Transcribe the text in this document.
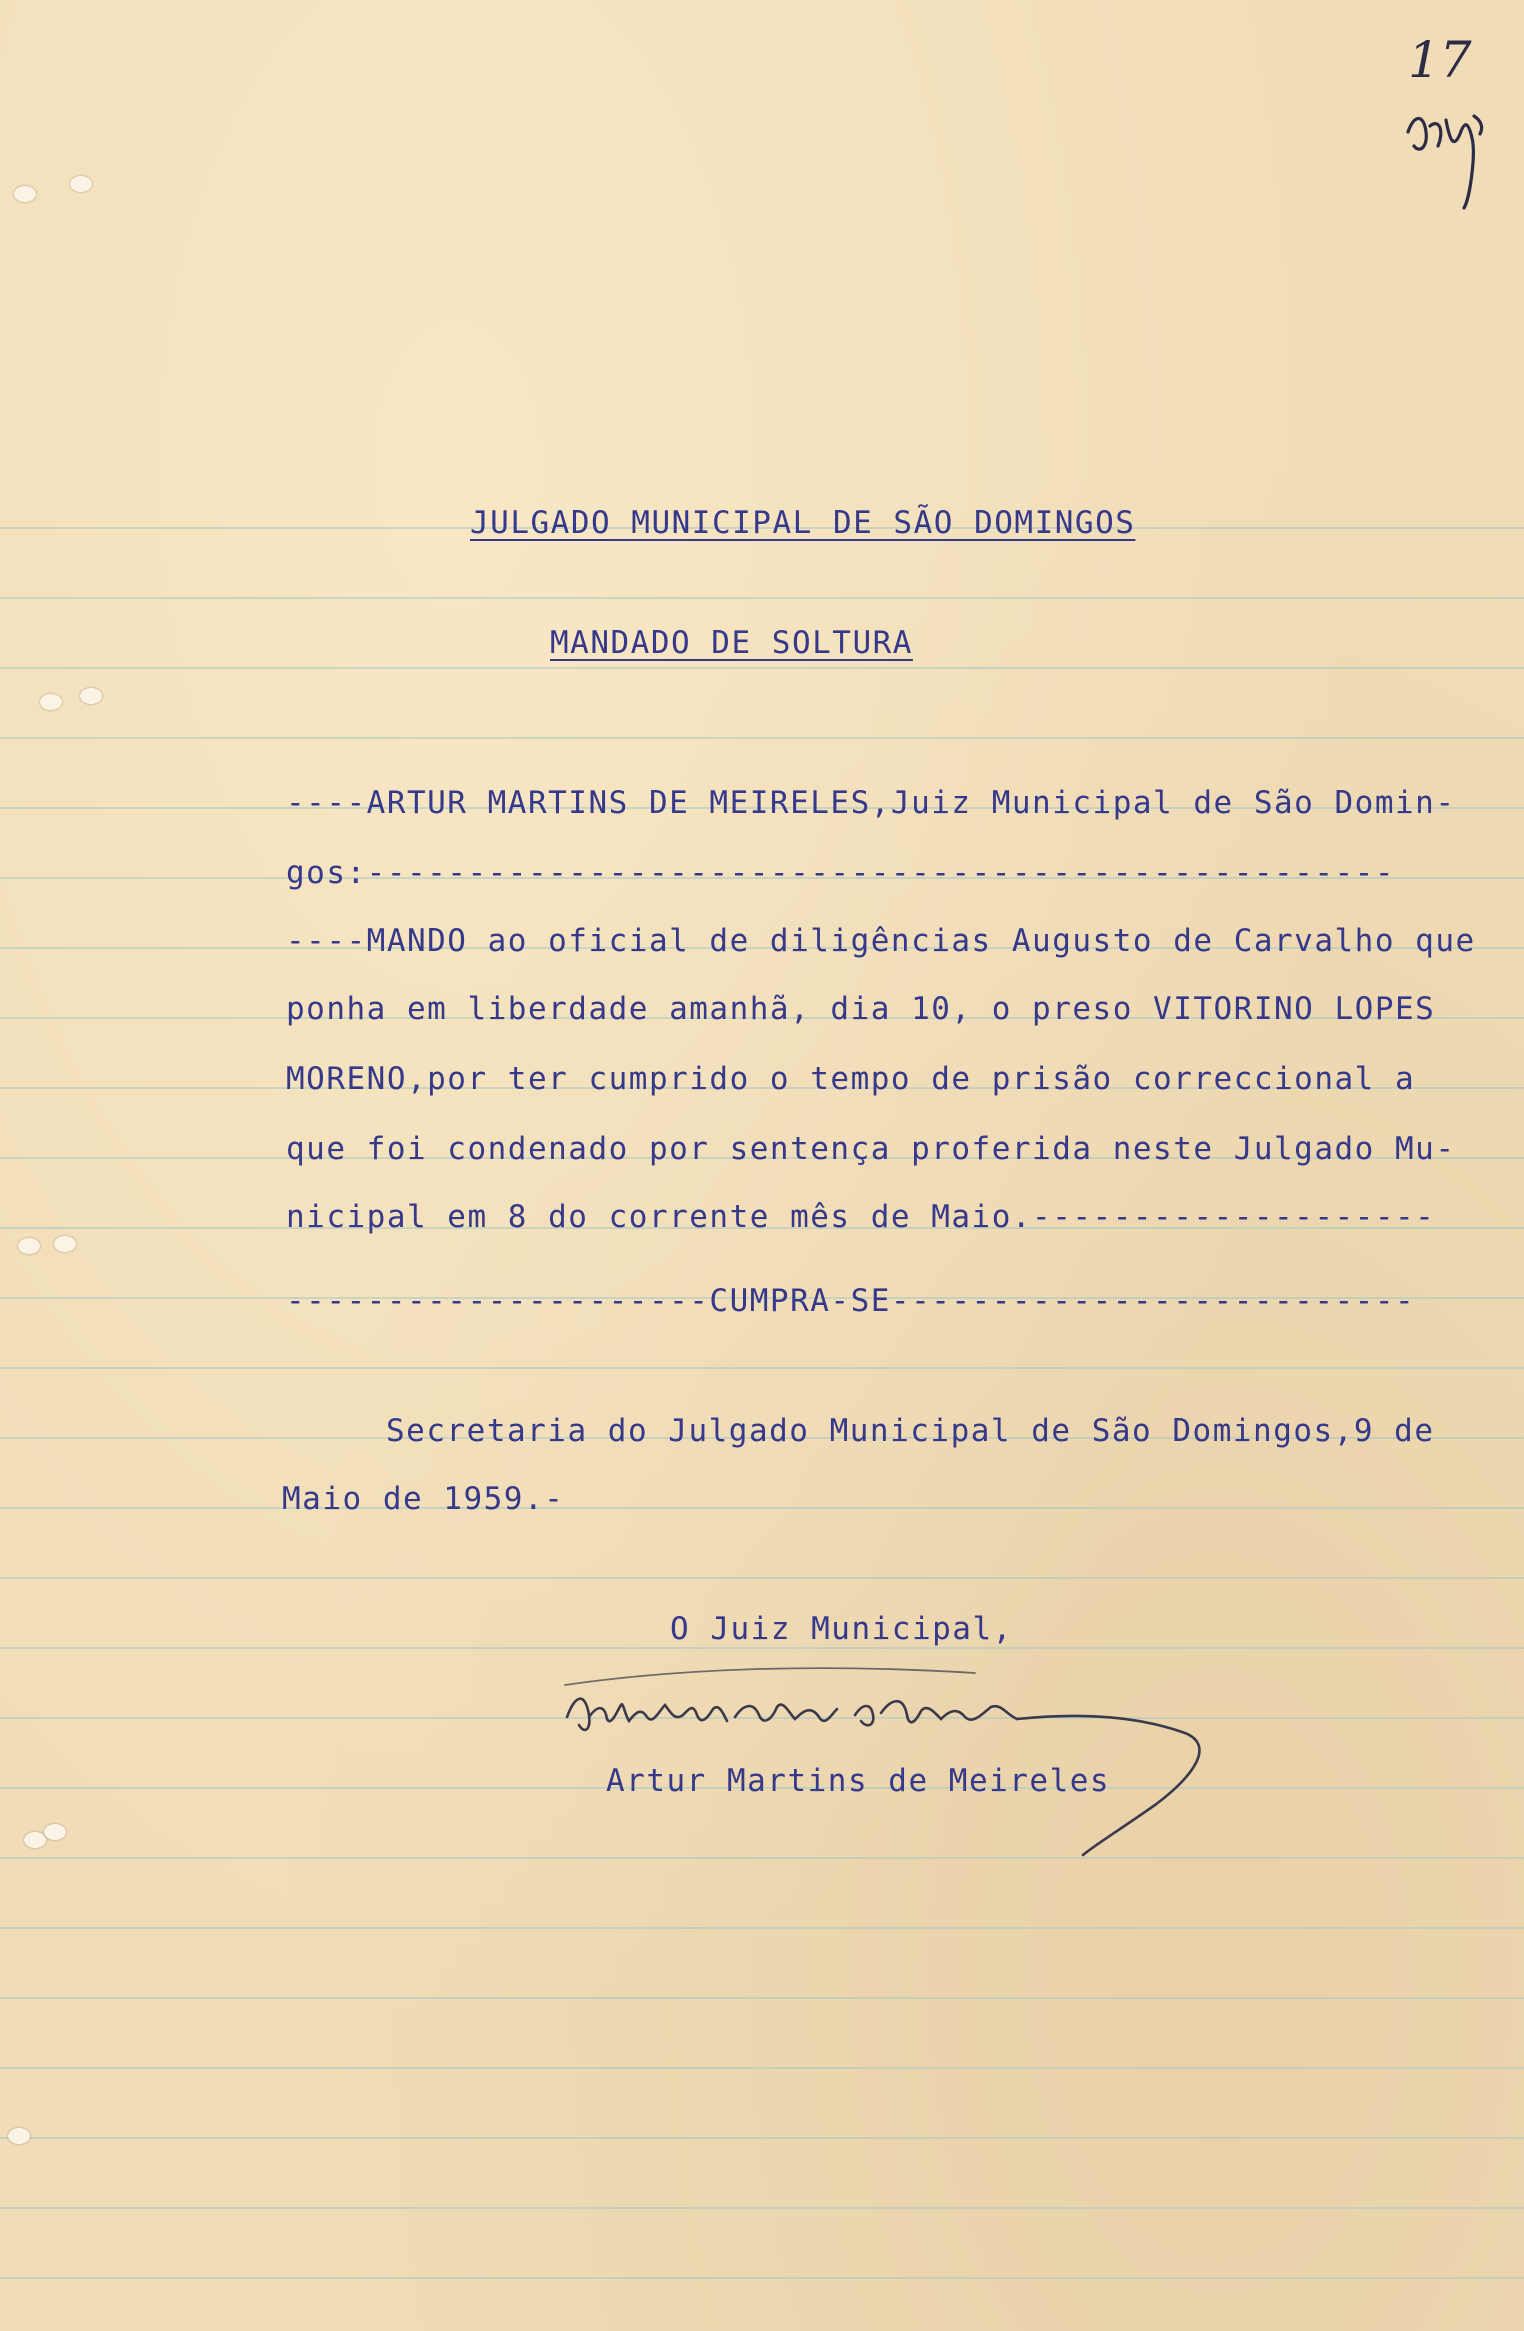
17
JULGADO MUNICIPAL DE SÃO DOMINGOS
MANDADO DE SOLTURA
----ARTUR MARTINS DE MEIRELES,Juiz Municipal de São Domin-
gos:---------------------------------------------------
----MANDO ao oficial de diligências Augusto de Carvalho que
ponha em liberdade amanhã, dia 10, o preso VITORINO LOPES
MORENO,por ter cumprido o tempo de prisão correccional a
que foi condenado por sentença proferida neste Julgado Mu-
nicipal em 8 do corrente mês de Maio.--------------------
---------------------CUMPRA-SE--------------------------
Secretaria do Julgado Municipal de São Domingos,9 de
Maio de 1959.-
O Juiz Municipal,
Artur Martins de Meireles
